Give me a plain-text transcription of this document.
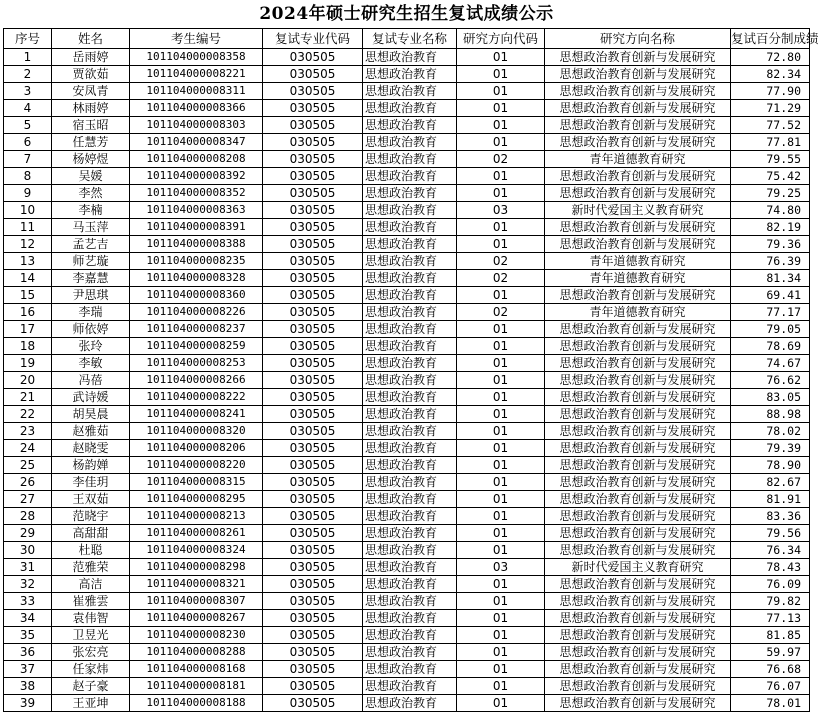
2024年硕士研究生招生复试成绩公示
序号	姓名	考生编号	复试专业代码	复试专业名称	研究方向代码	研究方向名称	复试百分制成绩
1	岳雨婷	101104000008358	030505	思想政治教育	01	思想政治教育创新与发展研究	72.80
2	贾欲茹	101104000008221	030505	思想政治教育	01	思想政治教育创新与发展研究	82.34
3	安凤青	101104000008311	030505	思想政治教育	01	思想政治教育创新与发展研究	77.90
4	林雨婷	101104000008366	030505	思想政治教育	01	思想政治教育创新与发展研究	71.29
5	宿玉昭	101104000008303	030505	思想政治教育	01	思想政治教育创新与发展研究	77.52
6	任慧芳	101104000008347	030505	思想政治教育	01	思想政治教育创新与发展研究	77.81
7	杨婷煜	101104000008208	030505	思想政治教育	02	青年道德教育研究	79.55
8	吴媛	101104000008392	030505	思想政治教育	01	思想政治教育创新与发展研究	75.42
9	李然	101104000008352	030505	思想政治教育	01	思想政治教育创新与发展研究	79.25
10	李楠	101104000008363	030505	思想政治教育	03	新时代爱国主义教育研究	74.80
11	马玉萍	101104000008391	030505	思想政治教育	01	思想政治教育创新与发展研究	82.19
12	孟艺吉	101104000008388	030505	思想政治教育	01	思想政治教育创新与发展研究	79.36
13	师艺璇	101104000008235	030505	思想政治教育	02	青年道德教育研究	76.39
14	李嘉慧	101104000008328	030505	思想政治教育	02	青年道德教育研究	81.34
15	尹思琪	101104000008360	030505	思想政治教育	01	思想政治教育创新与发展研究	69.41
16	李瑞	101104000008226	030505	思想政治教育	02	青年道德教育研究	77.17
17	师依婷	101104000008237	030505	思想政治教育	01	思想政治教育创新与发展研究	79.05
18	张玲	101104000008259	030505	思想政治教育	01	思想政治教育创新与发展研究	78.69
19	李敏	101104000008253	030505	思想政治教育	01	思想政治教育创新与发展研究	74.67
20	冯蓓	101104000008266	030505	思想政治教育	01	思想政治教育创新与发展研究	76.62
21	武诗媛	101104000008222	030505	思想政治教育	01	思想政治教育创新与发展研究	83.05
22	胡昊晨	101104000008241	030505	思想政治教育	01	思想政治教育创新与发展研究	88.98
23	赵雅茹	101104000008320	030505	思想政治教育	01	思想政治教育创新与发展研究	78.02
24	赵晓雯	101104000008206	030505	思想政治教育	01	思想政治教育创新与发展研究	79.39
25	杨韵婵	101104000008220	030505	思想政治教育	01	思想政治教育创新与发展研究	78.90
26	李佳玥	101104000008315	030505	思想政治教育	01	思想政治教育创新与发展研究	82.67
27	王双茹	101104000008295	030505	思想政治教育	01	思想政治教育创新与发展研究	81.91
28	范晓宇	101104000008213	030505	思想政治教育	01	思想政治教育创新与发展研究	83.36
29	高甜甜	101104000008261	030505	思想政治教育	01	思想政治教育创新与发展研究	79.56
30	杜聪	101104000008324	030505	思想政治教育	01	思想政治教育创新与发展研究	76.34
31	范雅荣	101104000008298	030505	思想政治教育	03	新时代爱国主义教育研究	78.43
32	高洁	101104000008321	030505	思想政治教育	01	思想政治教育创新与发展研究	76.09
33	崔雅雲	101104000008307	030505	思想政治教育	01	思想政治教育创新与发展研究	79.82
34	袁伟智	101104000008267	030505	思想政治教育	01	思想政治教育创新与发展研究	77.13
35	卫昱光	101104000008230	030505	思想政治教育	01	思想政治教育创新与发展研究	81.85
36	张宏亮	101104000008288	030505	思想政治教育	01	思想政治教育创新与发展研究	59.97
37	任家炜	101104000008168	030505	思想政治教育	01	思想政治教育创新与发展研究	76.68
38	赵子豪	101104000008181	030505	思想政治教育	01	思想政治教育创新与发展研究	76.07
39	王亚坤	101104000008188	030505	思想政治教育	01	思想政治教育创新与发展研究	78.01
